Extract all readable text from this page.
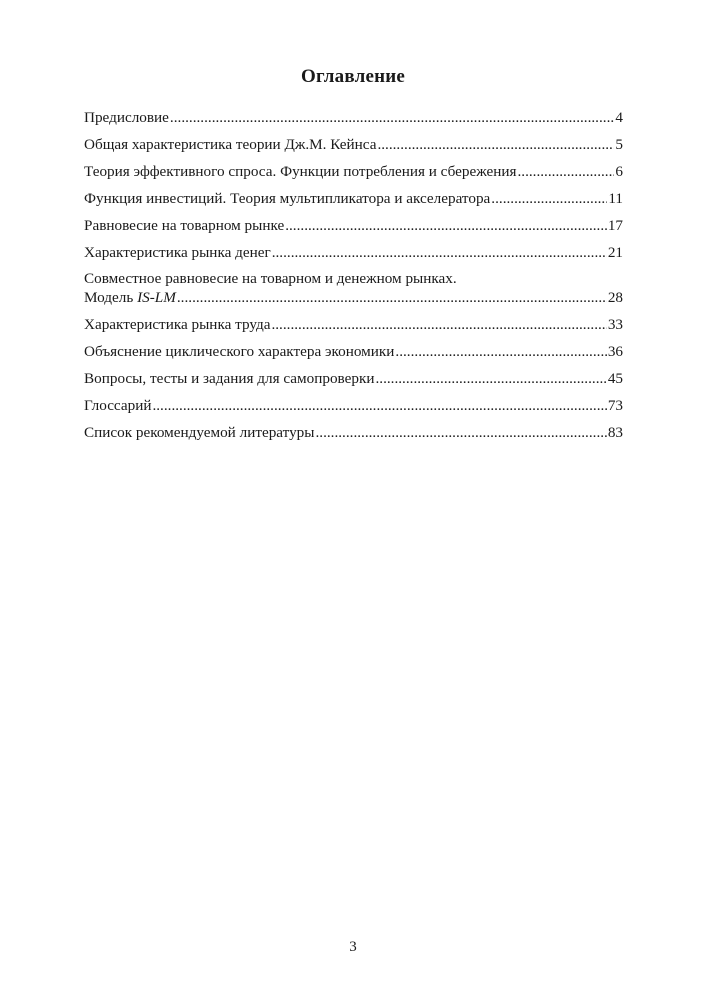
Оглавление
Предисловие .....	4
Общая характеристика теории Дж.М. Кейнса .....	5
Теория эффективного спроса. Функции потребления и сбережения .....	6
Функция инвестиций. Теория мультипликатора и акселератора .....	11
Равновесие на товарном рынке .....	17
Характеристика рынка денег .....	21
Совместное равновесие на товарном и денежном рынках.
Модель IS-LM .....	28
Характеристика рынка труда .....	33
Объяснение циклического характера экономики .....	36
Вопросы, тесты и задания для самопроверки .....	45
Глоссарий .....	73
Список рекомендуемой литературы .....	83
3
